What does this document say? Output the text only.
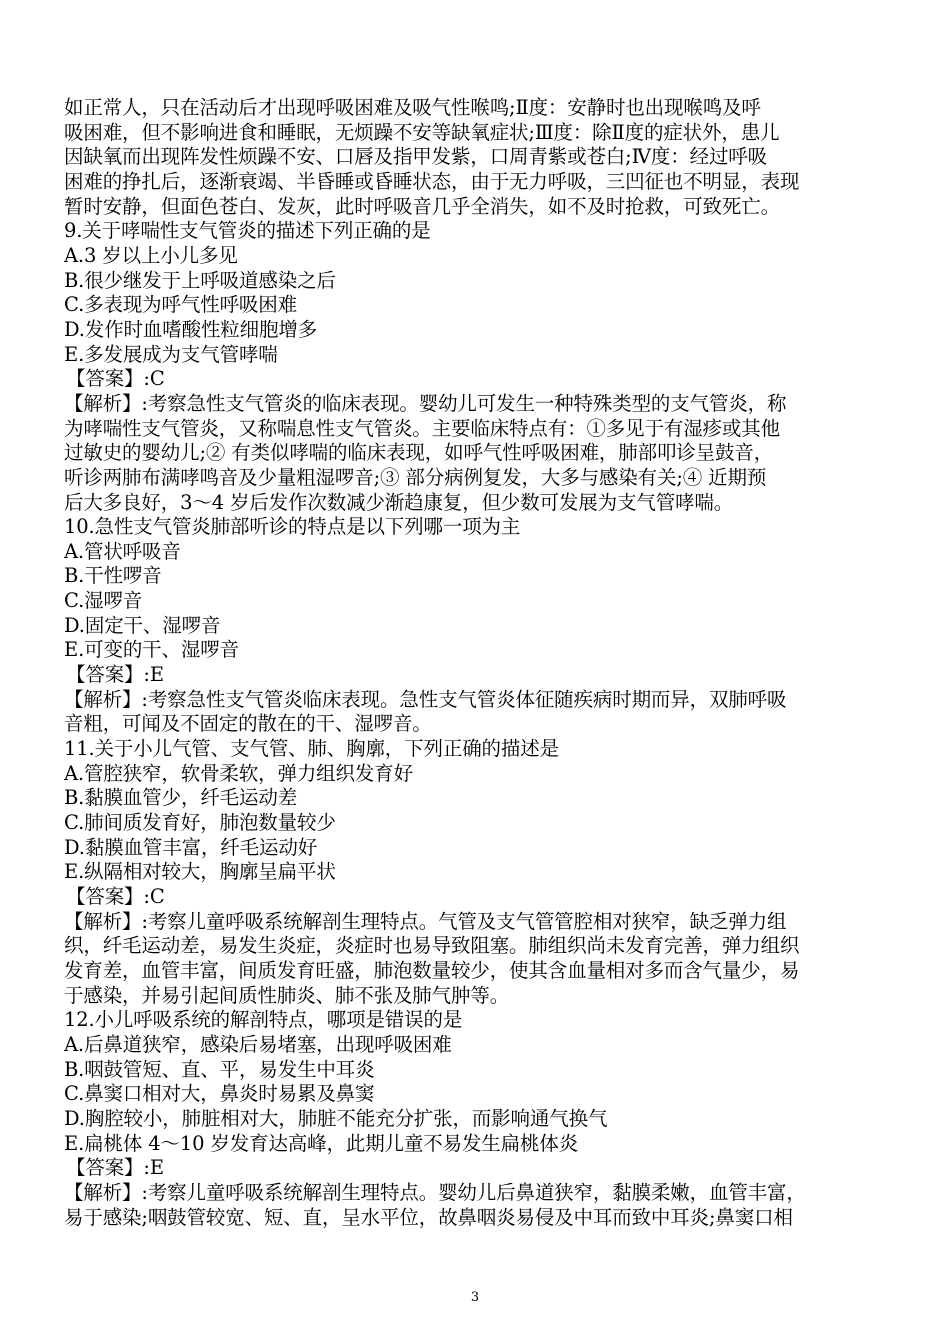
如正常人，只在活动后才出现呼吸困难及吸气性喉鸣;Ⅱ度：安静时也出现喉鸣及呼
吸困难，但不影响进食和睡眠，无烦躁不安等缺氧症状;Ⅲ度：除Ⅱ度的症状外，患儿
因缺氧而出现阵发性烦躁不安、口唇及指甲发紫，口周青紫或苍白;Ⅳ度：经过呼吸
困难的挣扎后，逐渐衰竭、半昏睡或昏睡状态，由于无力呼吸，三凹征也不明显，表现
暂时安静，但面色苍白、发灰，此时呼吸音几乎全消失，如不及时抢救，可致死亡。
9.关于哮喘性支气管炎的描述下列正确的是
A.3 岁以上小儿多见
B.很少继发于上呼吸道感染之后
C.多表现为呼气性呼吸困难
D.发作时血嗜酸性粒细胞增多
E.多发展成为支气管哮喘
【答案】:C
【解析】:考察急性支气管炎的临床表现。婴幼儿可发生一种特殊类型的支气管炎，称
为哮喘性支气管炎，又称喘息性支气管炎。主要临床特点有：①多见于有湿疹或其他
过敏史的婴幼儿;② 有类似哮喘的临床表现，如呼气性呼吸困难，肺部叩诊呈鼓音，
听诊两肺布满哮鸣音及少量粗湿啰音;③ 部分病例复发，大多与感染有关;④ 近期预
后大多良好，3～4 岁后发作次数减少渐趋康复，但少数可发展为支气管哮喘。
10.急性支气管炎肺部听诊的特点是以下列哪一项为主
A.管状呼吸音
B.干性啰音
C.湿啰音
D.固定干、湿啰音
E.可变的干、湿啰音
【答案】:E
【解析】:考察急性支气管炎临床表现。急性支气管炎体征随疾病时期而异，双肺呼吸
音粗，可闻及不固定的散在的干、湿啰音。
11.关于小儿气管、支气管、肺、胸廓，下列正确的描述是
A.管腔狭窄，软骨柔软，弹力组织发育好
B.黏膜血管少，纤毛运动差
C.肺间质发育好，肺泡数量较少
D.黏膜血管丰富，纤毛运动好
E.纵隔相对较大，胸廓呈扁平状
【答案】:C
【解析】:考察儿童呼吸系统解剖生理特点。气管及支气管管腔相对狭窄，缺乏弹力组
织，纤毛运动差，易发生炎症，炎症时也易导致阻塞。肺组织尚未发育完善，弹力组织
发育差，血管丰富，间质发育旺盛，肺泡数量较少，使其含血量相对多而含气量少，易
于感染，并易引起间质性肺炎、肺不张及肺气肿等。
12.小儿呼吸系统的解剖特点，哪项是错误的是
A.后鼻道狭窄，感染后易堵塞，出现呼吸困难
B.咽鼓管短、直、平，易发生中耳炎
C.鼻窦口相对大，鼻炎时易累及鼻窦
D.胸腔较小，肺脏相对大，肺脏不能充分扩张，而影响通气换气
E.扁桃体 4～10 岁发育达高峰，此期儿童不易发生扁桃体炎
【答案】:E
【解析】:考察儿童呼吸系统解剖生理特点。婴幼儿后鼻道狭窄，黏膜柔嫩，血管丰富，
易于感染;咽鼓管较宽、短、直，呈水平位，故鼻咽炎易侵及中耳而致中耳炎;鼻窦口相
3
